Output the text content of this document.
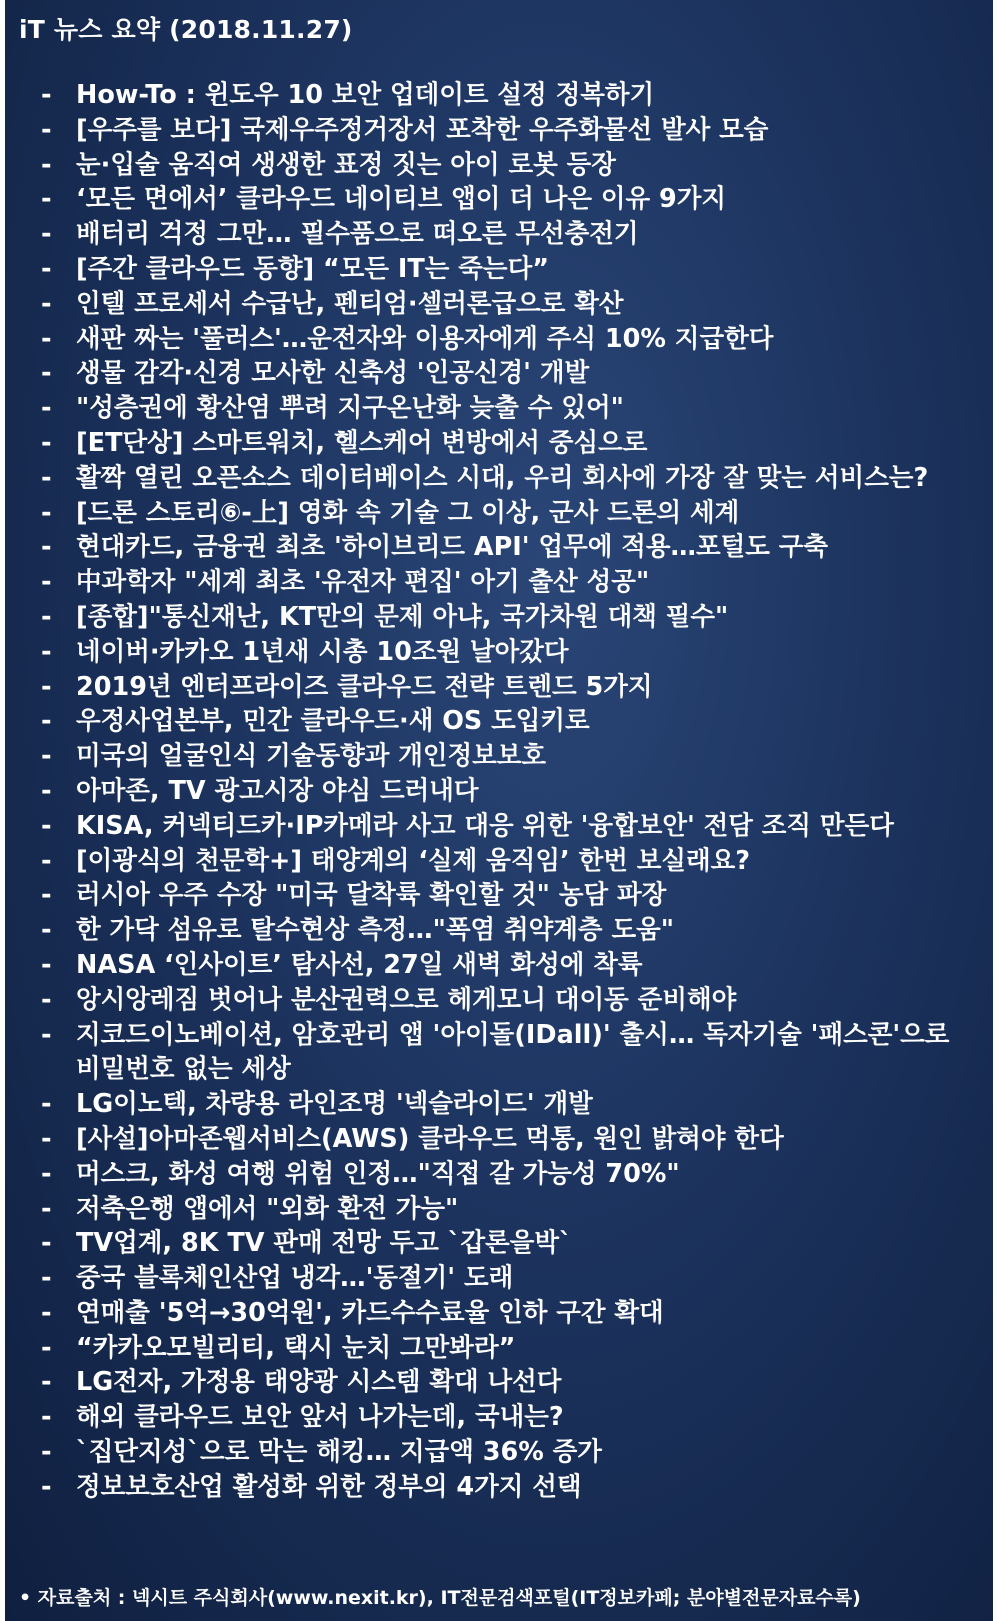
iT 뉴스 요약 (2018.11.27)
- How-To : 윈도우 10 보안 업데이트 설정 정복하기
- [우주를 보다] 국제우주정거장서 포착한 우주화물선 발사 모습
- 눈·입술 움직여 생생한 표정 짓는 아이 로봇 등장
- ‘모든 면에서’ 클라우드 네이티브 앱이 더 나은 이유 9가지
- 배터리 걱정 그만… 필수품으로 떠오른 무선충전기
- [주간 클라우드 동향] “모든 IT는 죽는다”
- 인텔 프로세서 수급난, 펜티엄·셀러론급으로 확산
- 새판 짜는 '풀러스'…운전자와 이용자에게 주식 10% 지급한다
- 생물 감각·신경 모사한 신축성 '인공신경' 개발
- "성층권에 황산염 뿌려 지구온난화 늦출 수 있어"
- [ET단상] 스마트워치, 헬스케어 변방에서 중심으로
- 활짝 열린 오픈소스 데이터베이스 시대, 우리 회사에 가장 잘 맞는 서비스는?
- [드론 스토리⑥-上] 영화 속 기술 그 이상, 군사 드론의 세계
- 현대카드, 금융권 최초 '하이브리드 API' 업무에 적용…포털도 구축
- 中과학자 "세계 최초 '유전자 편집' 아기 출산 성공"
- [종합]"통신재난, KT만의 문제 아냐, 국가차원 대책 필수"
- 네이버·카카오 1년새 시총 10조원 날아갔다
- 2019년 엔터프라이즈 클라우드 전략 트렌드 5가지
- 우정사업본부, 민간 클라우드·새 OS 도입키로
- 미국의 얼굴인식 기술동향과 개인정보보호
- 아마존, TV 광고시장 야심 드러내다
- KISA, 커넥티드카·IP카메라 사고 대응 위한 '융합보안' 전담 조직 만든다
- [이광식의 천문학+] 태양계의 ‘실제 움직임’ 한번 보실래요?
- 러시아 우주 수장 "미국 달착륙 확인할 것" 농담 파장
- 한 가닥 섬유로 탈수현상 측정…"폭염 취약계층 도움"
- NASA ‘인사이트’ 탐사선, 27일 새벽 화성에 착륙
- 앙시앙레짐 벗어나 분산권력으로 헤게모니 대이동 준비해야
- 지코드이노베이션, 암호관리 앱 '아이돌(IDall)' 출시… 독자기술 '패스콘'으로 비밀번호 없는 세상
- LG이노텍, 차량용 라인조명 '넥슬라이드' 개발
- [사설]아마존웹서비스(AWS) 클라우드 먹통, 원인 밝혀야 한다
- 머스크, 화성 여행 위험 인정…"직접 갈 가능성 70%"
- 저축은행 앱에서 "외화 환전 가능"
- TV업계, 8K TV 판매 전망 두고 `갑론을박`
- 중국 블록체인산업 냉각…'동절기' 도래
- 연매출 '5억→30억원', 카드수수료율 인하 구간 확대
- “카카오모빌리티, 택시 눈치 그만봐라”
- LG전자, 가정용 태양광 시스템 확대 나선다
- 해외 클라우드 보안 앞서 나가는데, 국내는?
- `집단지성`으로 막는 해킹… 지급액 36% 증가
- 정보보호산업 활성화 위한 정부의 4가지 선택
• 자료출처 : 넥시트 주식회사(www.nexit.kr), IT전문검색포털(IT정보카페; 분야별전문자료수록)
